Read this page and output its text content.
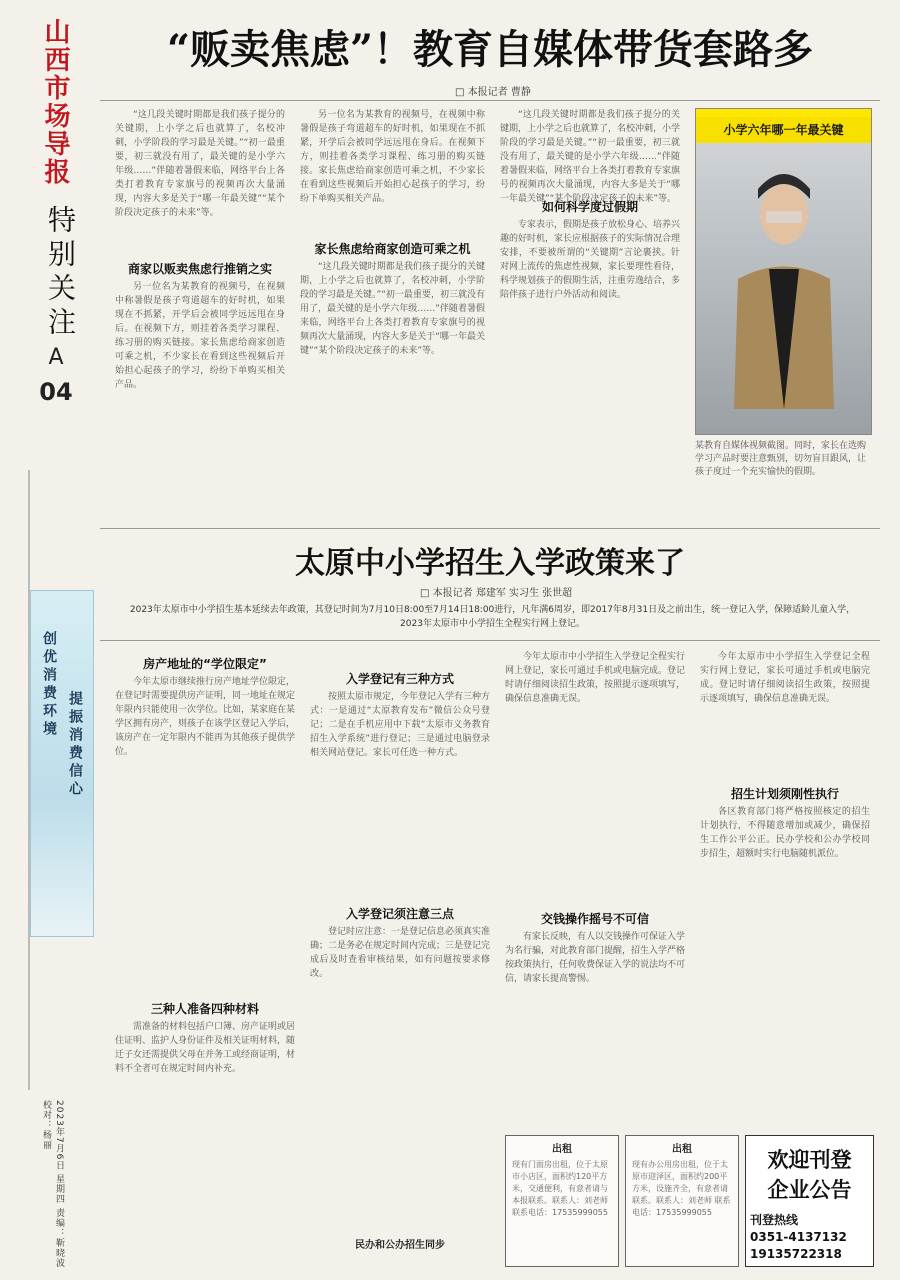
山西市场导报
特别关注
A
04
创优消费环境
提振消费信心
2023年7月6日 星期四 责编：靳晓波 校对：杨丽
“贩卖焦虑”！教育自媒体带货套路多
□ 本报记者 曹静

“这几段关键时期都是我们孩子提分的关键期，上小学之后也就算了，名校冲刺，小学阶段的学习最是关键。”“初一最重要，初三就没有用了，最关键的是小学六年级……”伴随着暑假来临，网络平台上各类打着教育专家旗号的视频再次大量涌现，内容大多是关于“哪一年最关键”“某个阶段决定孩子的未来”等。

商家以贩卖焦虑行推销之实

另一位名为某教育的视频号，在视频中称暑假是孩子弯道超车的好时机，如果现在不抓紧，开学后会被同学远远甩在身后。在视频下方，则挂着各类学习课程、练习册的购买链接。家长焦虑给商家创造可乘之机，不少家长在看到这些视频后开始担心起孩子的学习，纷纷下单购买相关产品。

另一位名为某教育的视频号，在视频中称暑假是孩子弯道超车的好时机，如果现在不抓紧，开学后会被同学远远甩在身后。在视频下方，则挂着各类学习课程、练习册的购买链接。家长焦虑给商家创造可乘之机，不少家长在看到这些视频后开始担心起孩子的学习，纷纷下单购买相关产品。

家长焦虑给商家创造可乘之机

“这几段关键时期都是我们孩子提分的关键期，上小学之后也就算了，名校冲刺，小学阶段的学习最是关键。”“初一最重要，初三就没有用了，最关键的是小学六年级……”伴随着暑假来临，网络平台上各类打着教育专家旗号的视频再次大量涌现，内容大多是关于“哪一年最关键”“某个阶段决定孩子的未来”等。

“这几段关键时期都是我们孩子提分的关键期，上小学之后也就算了，名校冲刺，小学阶段的学习最是关键。”“初一最重要，初三就没有用了，最关键的是小学六年级……”伴随着暑假来临，网络平台上各类打着教育专家旗号的视频再次大量涌现，内容大多是关于“哪一年最关键”“某个阶段决定孩子的未来”等。

如何科学度过假期

专家表示，假期是孩子放松身心、培养兴趣的好时机，家长应根据孩子的实际情况合理安排，不要被所谓的“关键期”言论裹挟。针对网上流传的焦虑性视频，家长要理性看待，科学规划孩子的假期生活，注重劳逸结合，多陪伴孩子进行户外活动和阅读。

小学六年哪一年最关键
某教育自媒体视频截图。同时，家长在选购学习产品时要注意甄别，切勿盲目跟风，让孩子度过一个充实愉快的假期。
太原中小学招生入学政策来了
□ 本报记者 郑建军 实习生 张世超
2023年太原市中小学招生基本延续去年政策，其登记时间为7月10日8:00至7月14日18:00进行，凡年满6周岁，即2017年8月31日及之前出生，统一登记入学，保障适龄儿童入学，2023年太原市中小学招生全程实行网上登记。
房产地址的“学位限定”

今年太原市继续推行房产地址学位限定，在登记时需要提供房产证明，同一地址在规定年限内只能使用一次学位。比如，某家庭在某学区拥有房产，则孩子在该学区登记入学后，该房产在一定年限内不能再为其他孩子提供学位。

三种人准备四种材料

需准备的材料包括户口簿、房产证明或居住证明、监护人身份证件及相关证明材料，随迁子女还需提供父母在并务工或经商证明，材料不全者可在规定时间内补充。

入学登记有三种方式

按照太原市规定，今年登记入学有三种方式：一是通过“太原教育发布”微信公众号登记；二是在手机应用中下载“太原市义务教育招生入学系统”进行登记；三是通过电脑登录相关网站登记。家长可任选一种方式。

入学登记须注意三点

登记时应注意：一是登记信息必须真实准确；二是务必在规定时间内完成；三是登记完成后及时查看审核结果，如有问题按要求修改。

民办和公办招生同步

今年太原市中小学招生入学登记全程实行网上登记，家长可通过手机或电脑完成。登记时请仔细阅读招生政策，按照提示逐项填写，确保信息准确无误。

交钱操作摇号不可信

有家长反映，有人以交钱操作可保证入学为名行骗，对此教育部门提醒，招生入学严格按政策执行，任何收费保证入学的说法均不可信，请家长提高警惕。

今年太原市中小学招生入学登记全程实行网上登记，家长可通过手机或电脑完成。登记时请仔细阅读招生政策，按照提示逐项填写，确保信息准确无误。

招生计划须刚性执行

各区教育部门将严格按照核定的招生计划执行，不得随意增加或减少，确保招生工作公平公正。民办学校和公办学校同步招生，超额时实行电脑随机派位。

出租
现有门面房出租，位于太原市小店区，面积约120平方米，交通便利，有意者请与本报联系。联系人：刘老师 联系电话：17535999055
出租
现有办公用房出租，位于太原市迎泽区，面积约200平方米，设施齐全，有意者请联系。联系人：刘老师 联系电话：17535999055
欢迎刊登
企业公告
刊登热线
0351-4137132
19135722318
